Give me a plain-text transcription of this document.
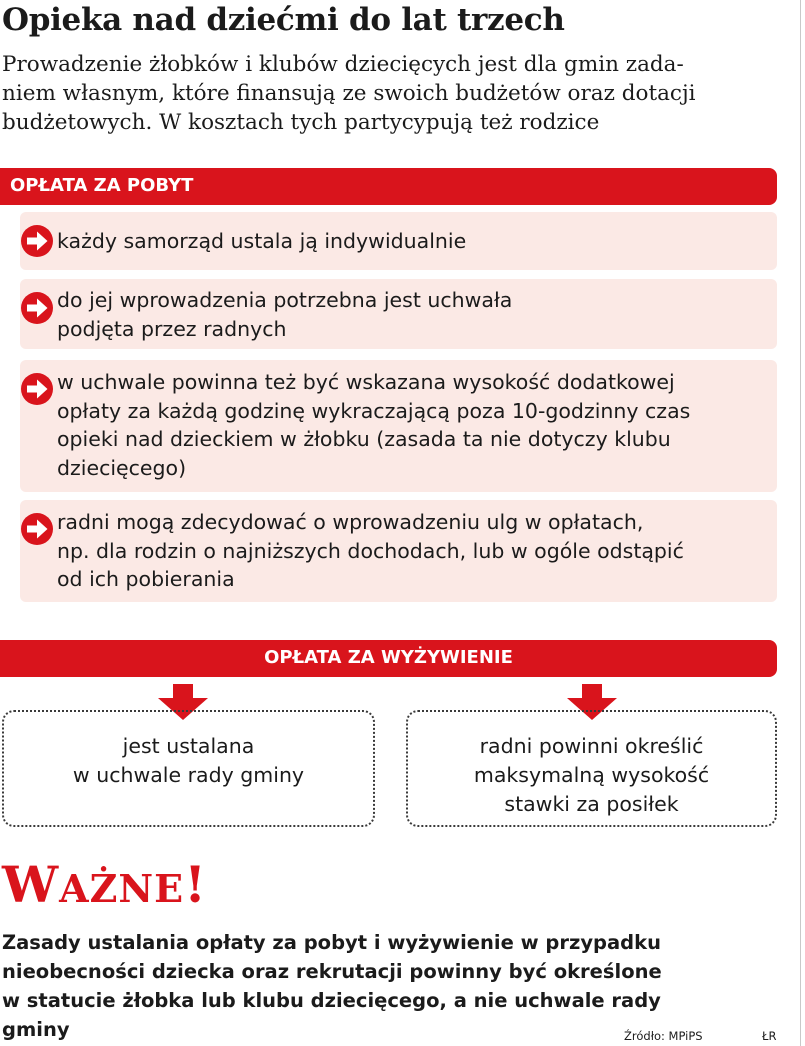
Opieka nad dziećmi do lat trzech
Prowadzenie żłobków i klubów dziecięcych jest dla gmin zada-
niem własnym, które finansują ze swoich budżetów oraz dotacji
budżetowych. W kosztach tych partycypują też rodzice
OPŁATA ZA POBYT
każdy samorząd ustala ją indywidualnie
do jej wprowadzenia potrzebna jest uchwała
podjęta przez radnych
w uchwale powinna też być wskazana wysokość dodatkowej
opłaty za każdą godzinę wykraczającą poza 10-godzinny czas
opieki nad dzieckiem w żłobku (zasada ta nie dotyczy klubu
dziecięcego)
radni mogą zdecydować o wprowadzeniu ulg w opłatach,
np. dla rodzin o najniższych dochodach, lub w ogóle odstąpić
od ich pobierania
OPŁATA ZA WYŻYWIENIE
jest ustalana
w uchwale rady gminy
radni powinni określić
maksymalną wysokość
stawki za posiłek
WAŻNE!
Zasady ustalania opłaty za pobyt i wyżywienie w przypadku
nieobecności dziecka oraz rekrutacji powinny być określone
w statucie żłobka lub klubu dziecięcego, a nie uchwale rady
gminy	Źródło: MPiPS	ŁR
